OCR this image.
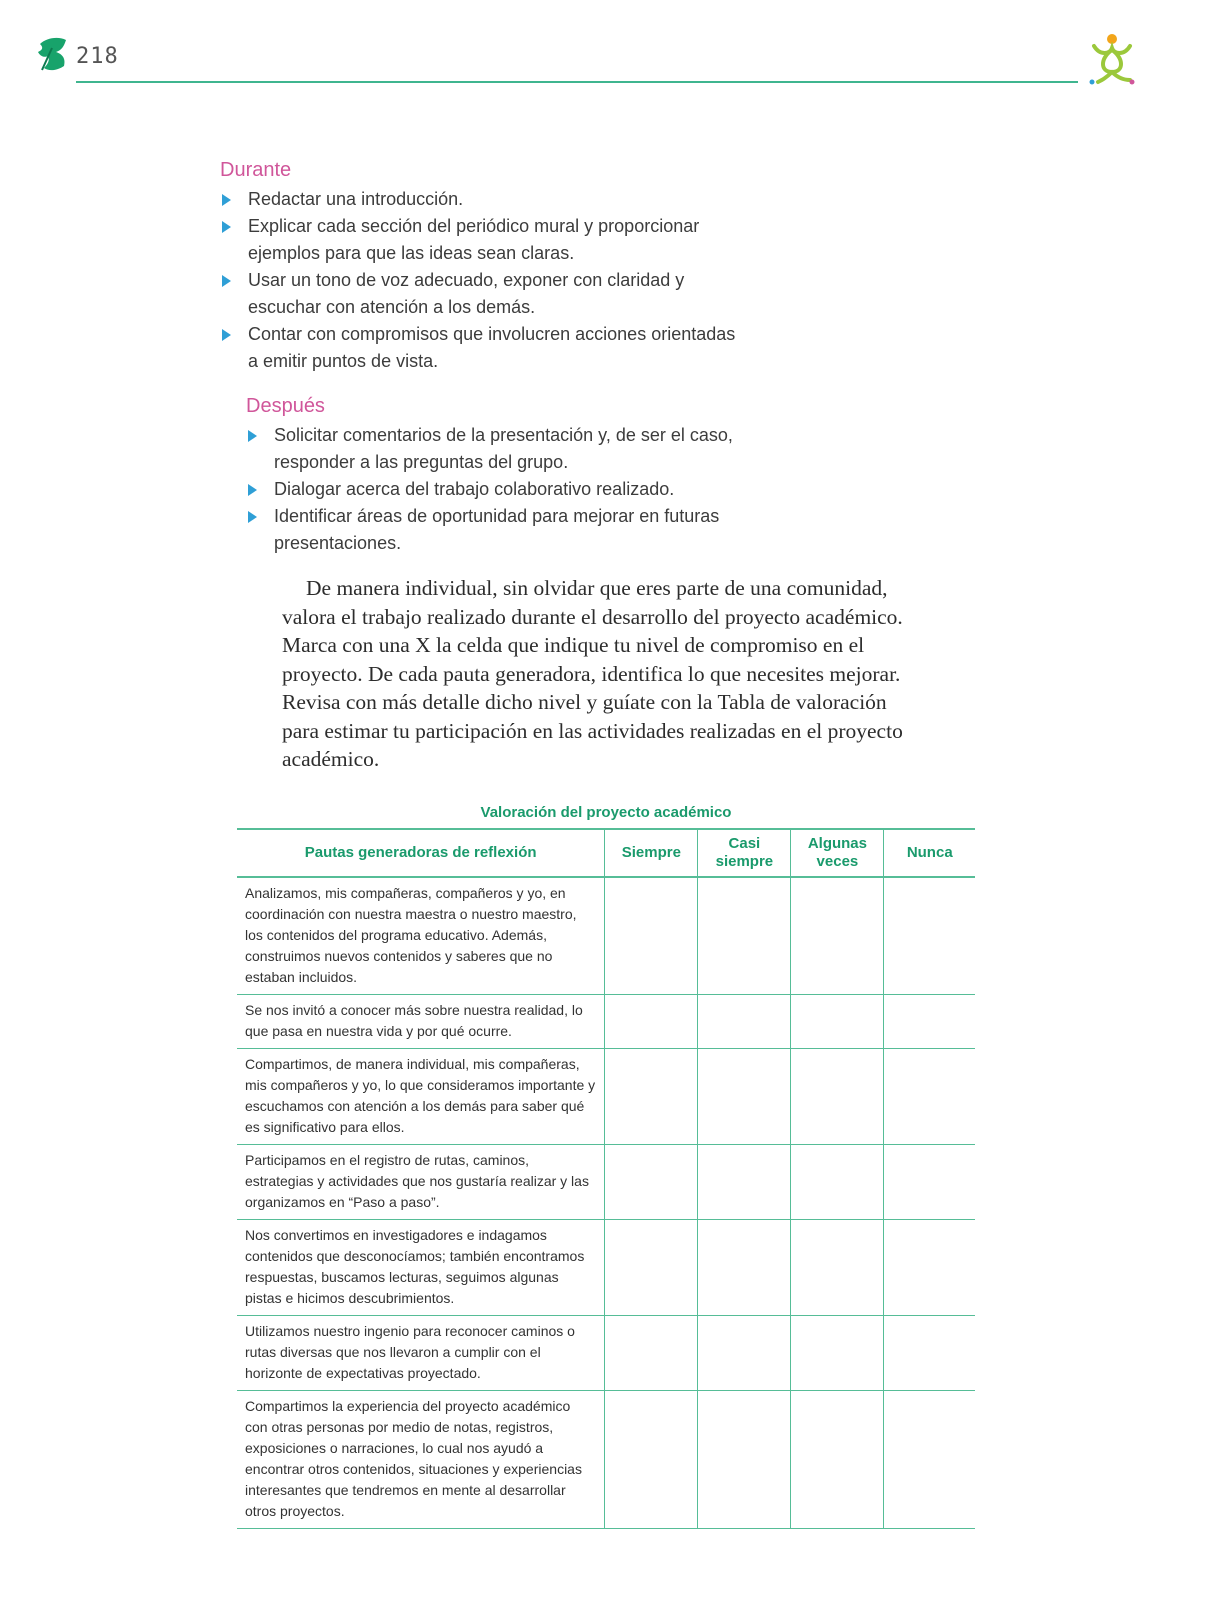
218
Durante
Redactar una introducción.
Explicar cada sección del periódico mural y proporcionar ejemplos para que las ideas sean claras.
Usar un tono de voz adecuado, exponer con claridad y escuchar con atención a los demás.
Contar con compromisos que involucren acciones orientadas a emitir puntos de vista.
Después
Solicitar comentarios de la presentación y, de ser el caso, responder a las preguntas del grupo.
Dialogar acerca del trabajo colaborativo realizado.
Identificar áreas de oportunidad para mejorar en futuras presentaciones.

De manera individual, sin olvidar que eres parte de una comunidad, valora el trabajo realizado durante el desarrollo del proyecto académico. Marca con una X la celda que indique tu nivel de compromiso en el proyecto. De cada pauta generadora, identifica lo que necesites mejorar. Revisa con más detalle dicho nivel y guíate con la Tabla de valoración para estimar tu participación en las actividades realizadas en el proyecto académico.

Valoración del proyecto académico
Pautas generadoras de reflexión	Siempre	Casi siempre	Algunas veces	Nunca
Analizamos, mis compañeras, compañeros y yo, en coordinación con nuestra maestra o nuestro maestro, los contenidos del programa educativo. Además, construimos nuevos contenidos y saberes que no estaban incluidos.				
Se nos invitó a conocer más sobre nuestra realidad, lo que pasa en nuestra vida y por qué ocurre.				
Compartimos, de manera individual, mis compañeras, mis compañeros y yo, lo que consideramos importante y escuchamos con atención a los demás para saber qué es significativo para ellos.				
Participamos en el registro de rutas, caminos, estrategias y actividades que nos gustaría realizar y las organizamos en “Paso a paso”.				
Nos convertimos en investigadores e indagamos contenidos que desconocíamos; también encontramos respuestas, buscamos lecturas, seguimos algunas pistas e hicimos descubrimientos.				
Utilizamos nuestro ingenio para reconocer caminos o rutas diversas que nos llevaron a cumplir con el horizonte de expectativas proyectado.				
Compartimos la experiencia del proyecto académico con otras personas por medio de notas, registros, exposiciones o narraciones, lo cual nos ayudó a encontrar otros contenidos, situaciones y experiencias interesantes que tendremos en mente al desarrollar otros proyectos.				
